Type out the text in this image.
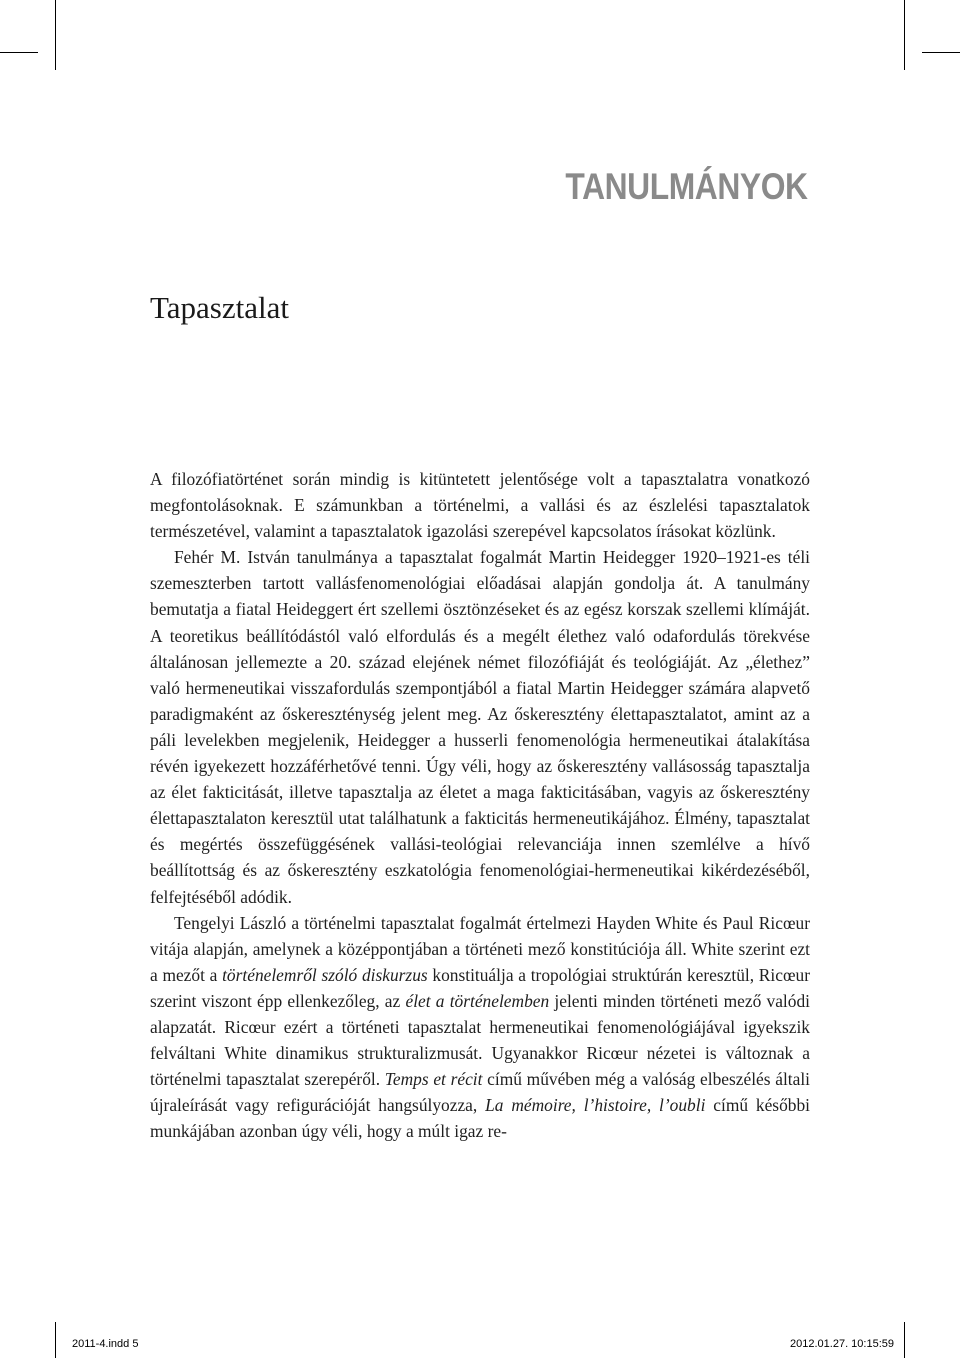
TANULMÁNYOK
Tapasztalat

A filozófiatörténet során mindig is kitüntetett jelentősége volt a tapasztalatra vonatkozó megfontolásoknak. E számunkban a történelmi, a vallási és az észlelési tapasztalatok természetével, valamint a tapasztalatok igazolási szerepével kapcsolatos írásokat közlünk.

Fehér M. István tanulmánya a tapasztalat fogalmát Martin Heidegger 1920–1921-es téli szemeszterben tartott vallásfenomenológiai előadásai alapján gondolja át. A tanulmány bemutatja a fiatal Heideggert ért szellemi ösztönzéseket és az egész korszak szellemi klímáját. A teoretikus beállítódástól való elfordulás és a megélt élethez való odafordulás törekvése általánosan jellemezte a 20. század elejének német filozófiáját és teológiáját. Az „élethez” való hermeneutikai visszafordulás szempontjából a fiatal Martin Heidegger számára alapvető paradigmaként az őskereszténység jelent meg. Az őskeresztény élettapasztalatot, amint az a páli levelekben megjelenik, Heidegger a husserli fenomenológia hermeneutikai átalakítása révén igyekezett hozzáférhetővé tenni. Úgy véli, hogy az őskeresztény vallásosság tapasztalja az élet fakticitását, illetve tapasztalja az életet a maga fakticitásában, vagyis az őskeresztény élettapasztalaton keresztül utat találhatunk a fakticitás hermeneutikájához. Élmény, tapasztalat és megértés összefüggésének vallási-teológiai relevanciája innen szemlélve a hívő beállítottság és az őskeresztény eszkatológia fenomenológiai-hermeneutikai kikérdezéséből, felfejtéséből adódik.

Tengelyi László a történelmi tapasztalat fogalmát értelmezi Hayden White és Paul Ricœur vitája alapján, amelynek a középpontjában a történeti mező konstitúciója áll. White szerint ezt a mezőt a történelemről szóló diskurzus konstituálja a tropológiai struktúrán keresztül, Ricœur szerint viszont épp ellenkezőleg, az élet a történelemben jelenti minden történeti mező valódi alapzatát. Ricœur ezért a történeti tapasztalat hermeneutikai fenomenológiájával igyekszik felváltani White dinamikus strukturalizmusát. Ugyanakkor Ricœur nézetei is változnak a történelmi tapasztalat szerepéről. Temps et récit című művében még a valóság elbeszélés általi újraleírását vagy refigurációját hangsúlyozza, La mémoire, l’histoire, l’oubli című későbbi munkájában azonban úgy véli, hogy a múlt igaz re-

2011-4.indd 5	2012.01.27. 10:15:59
